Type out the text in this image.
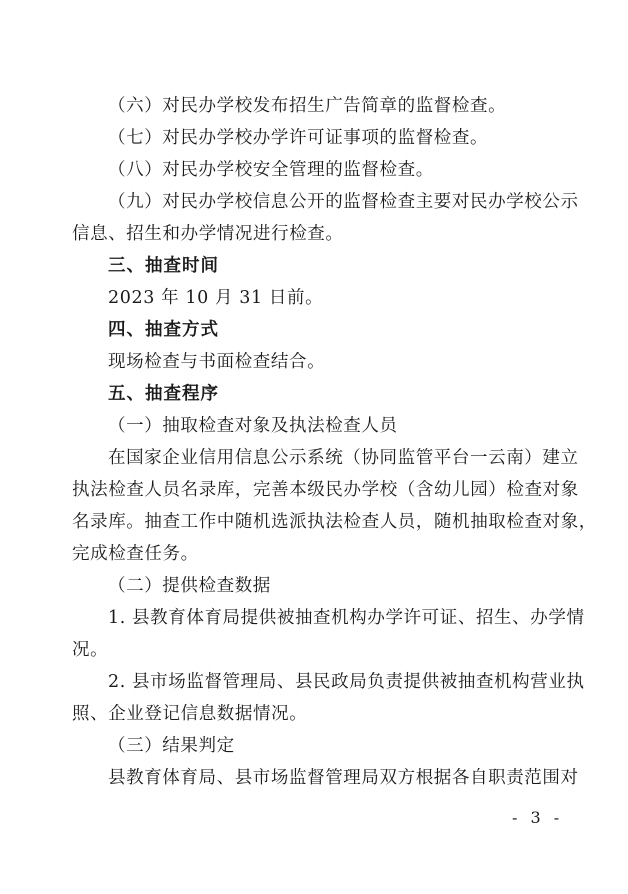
（六）对民办学校发布招生广告简章的监督检查。
（七）对民办学校办学许可证事项的监督检查。
（八）对民办学校安全管理的监督检查。
（九）对民办学校信息公开的监督检查主要对民办学校公示
信息、招生和办学情况进行检查。
三、抽查时间
2023 年 10 月 31 日前。
四、抽查方式
现场检查与书面检查结合。
五、抽查程序
（一）抽取检查对象及执法检查人员
在国家企业信用信息公示系统（协同监管平台一云南）建立
执法检查人员名录库，完善本级民办学校（含幼儿园）检查对象
名录库。抽查工作中随机选派执法检查人员，随机抽取检查对象，
完成检查任务。
（二）提供检查数据
1. 县教育体育局提供被抽查机构办学许可证、招生、办学情
况。
2. 县市场监督管理局、县民政局负责提供被抽查机构营业执
照、企业登记信息数据情况。
（三）结果判定
县教育体育局、县市场监督管理局双方根据各自职责范围对
- 3 -
